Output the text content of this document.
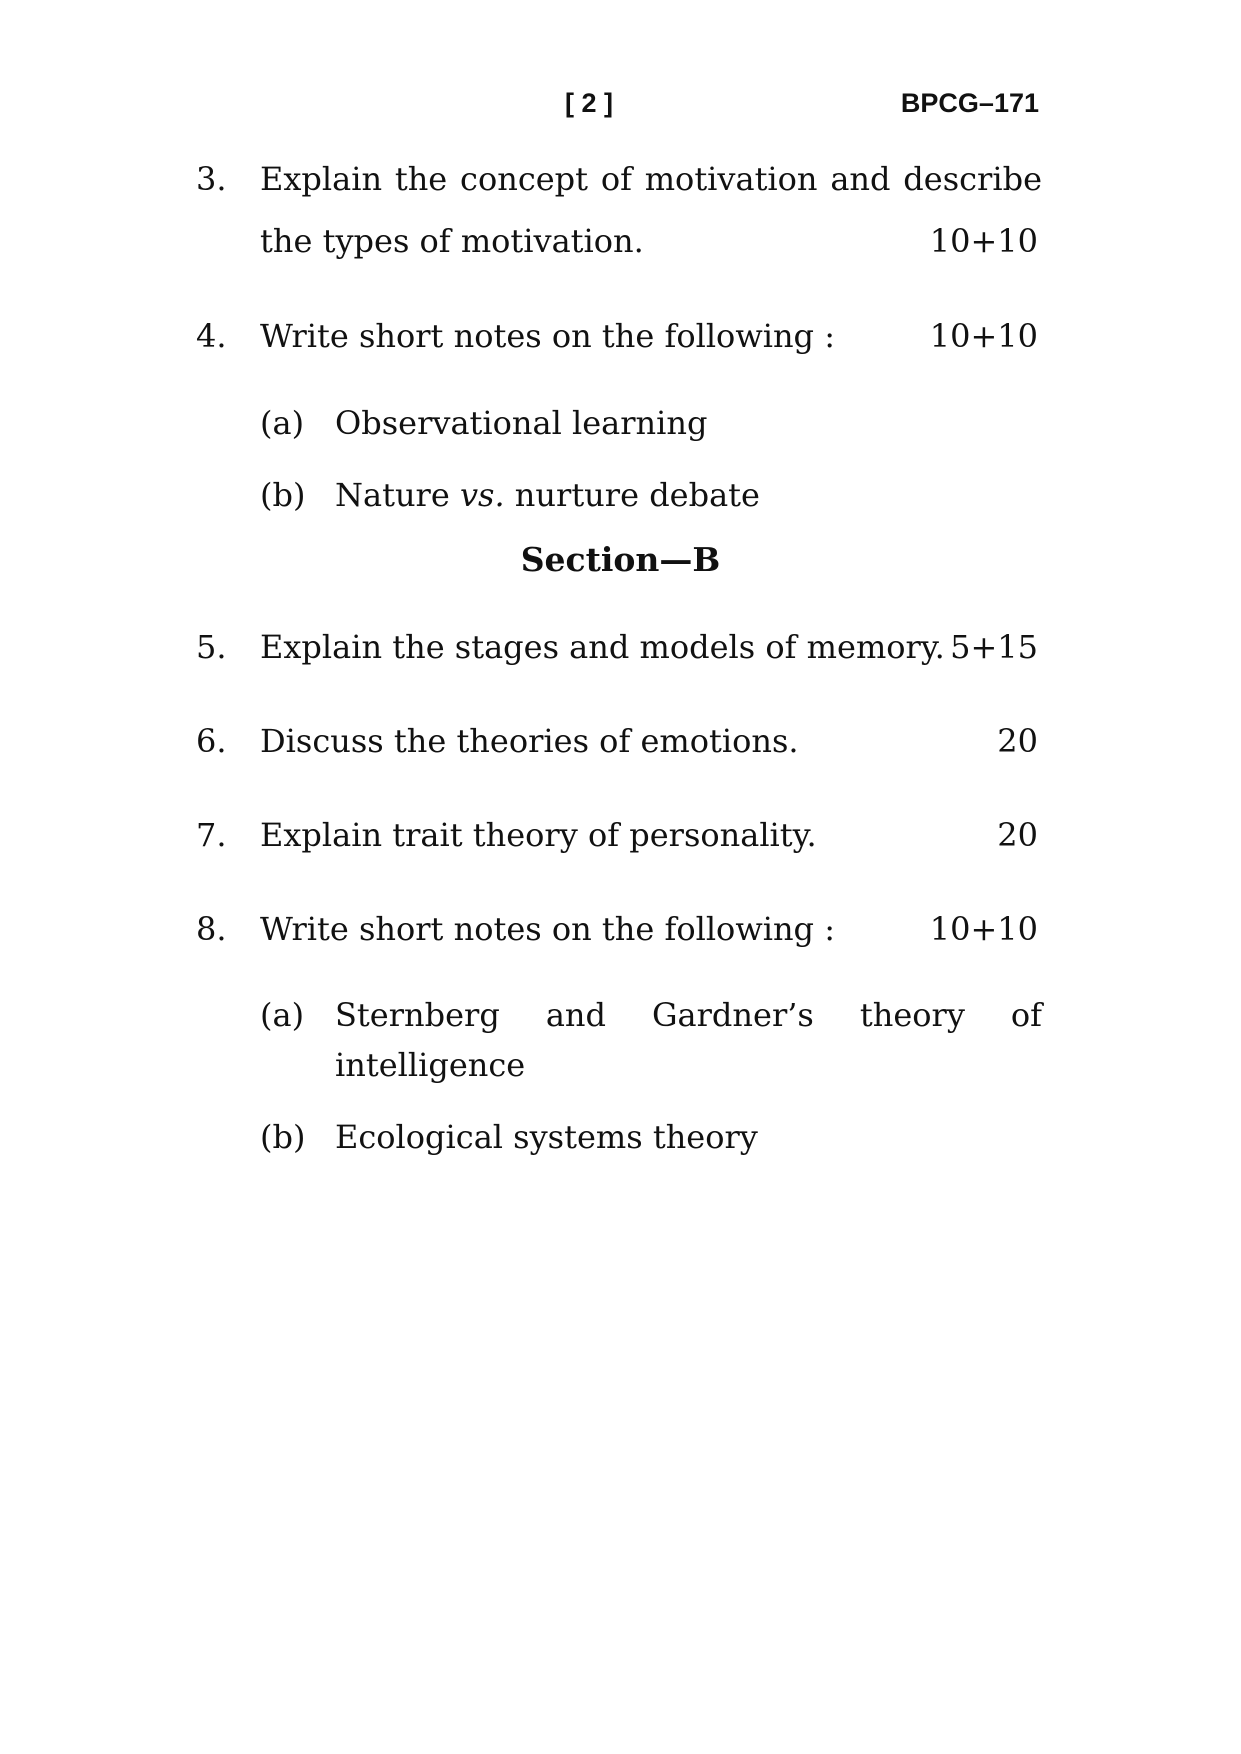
[ 2 ]	BPCG–171
3. Explain the concept of motivation and describe
the types of motivation.	10+10
4. Write short notes on the following :	10+10
(a) Observational learning
(b) Nature vs. nurture debate
Section—B
5. Explain the stages and models of memory. 5+15
6. Discuss the theories of emotions.	20
7. Explain trait theory of personality.	20
8. Write short notes on the following :	10+10
(a) Sternberg and Gardner’s theory of
intelligence
(b) Ecological systems theory
